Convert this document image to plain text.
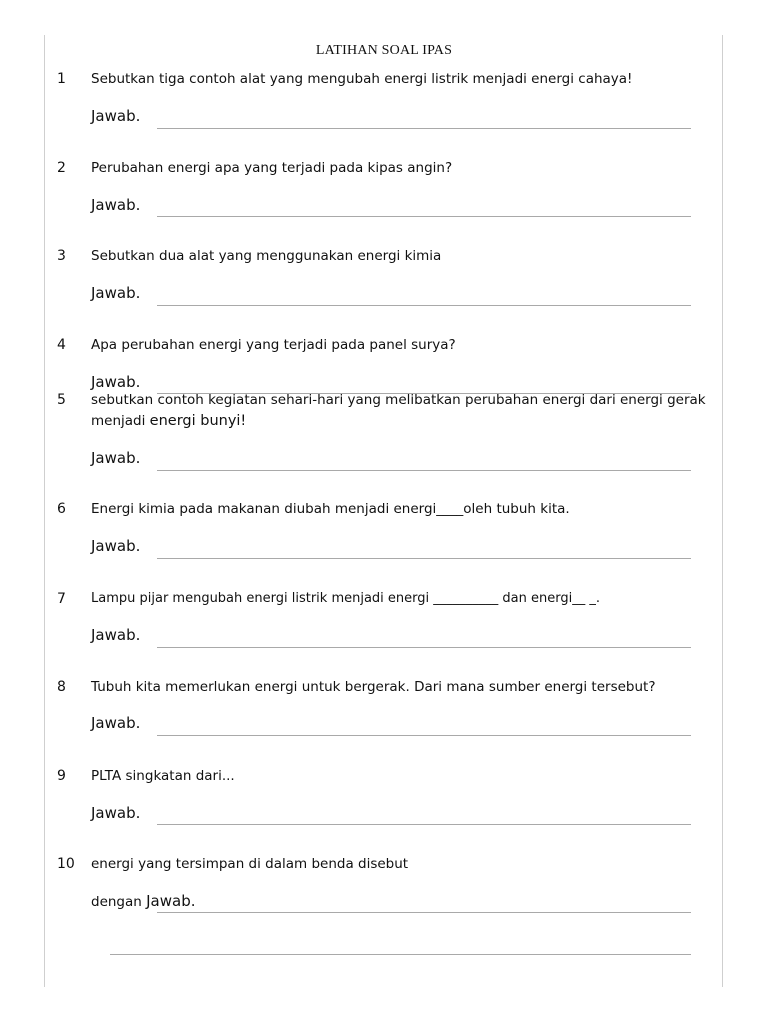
LATIHAN SOAL IPAS
1 Sebutkan tiga contoh alat yang mengubah energi listrik menjadi energi cahaya!
Jawab.
2 Perubahan energi apa yang terjadi pada kipas angin?
Jawab.
3 Sebutkan dua alat yang menggunakan energi kimia
Jawab.
4 Apa perubahan energi yang terjadi pada panel surya?
Jawab.
5 sebutkan contoh kegiatan sehari-hari yang melibatkan perubahan energi dari energi gerak
menjadi energi bunyi!
Jawab.
6 Energi kimia pada makanan diubah menjadi energi____oleh tubuh kita.
Jawab.
7 Lampu pijar mengubah energi listrik menjadi energi __________ dan energi__ _.
Jawab.
8 Tubuh kita memerlukan energi untuk bergerak. Dari mana sumber energi tersebut?
Jawab.
9 PLTA singkatan dari...
Jawab.
10 energi yang tersimpan di dalam benda disebut
dengan Jawab.
